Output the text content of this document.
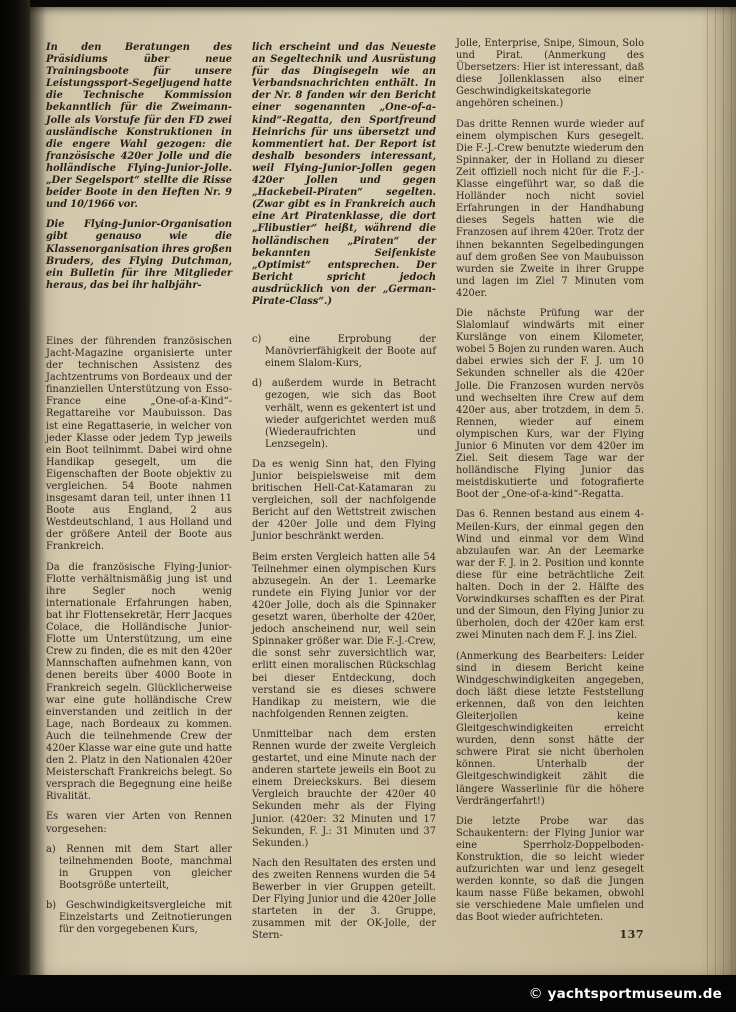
In den Beratungen des Präsidiums über neue Trainingsboote für unsere Leistungssport-Segeljugend hatte die Technische Kommission bekanntlich für die Zweimann-Jolle als Vorstufe für den FD zwei ausländische Konstruktionen in die engere Wahl gezogen: die französische 420er Jolle und die holländische Flying-Junior-Jolle. „Der Segelsport“ stellte die Risse beider Boote in den Heften Nr. 9 und 10/1966 vor.

Die Flying-Junior-Organisation gibt genauso wie die Klassenorganisation ihres großen Bruders, des Flying Dutchman, ein Bulletin für ihre Mitglieder heraus, das bei ihr halbjähr-

Eines der führenden französischen Jacht-Magazine organisierte unter der technischen Assistenz des Jachtzentrums von Bordeaux und der finanziellen Unterstützung von Esso-France eine „One-of-a-Kind“-Regattareihe vor Maubuisson. Das ist eine Regattaserie, in welcher von jeder Klasse oder jedem Typ jeweils ein Boot teilnimmt. Dabei wird ohne Handikap gesegelt, um die Eigenschaften der Boote objektiv zu vergleichen. 54 Boote nahmen insgesamt daran teil, unter ihnen 11 Boote aus England, 2 aus Westdeutschland, 1 aus Holland und der größere Anteil der Boote aus Frankreich.

Da die französische Flying-Junior-Flotte verhältnismäßig jung ist und ihre Segler noch wenig internationale Erfahrungen haben, bat ihr Flottensekretär, Herr Jacques Colace, die Holländische Junior-Flotte um Unterstützung, um eine Crew zu finden, die es mit den 420er Mannschaften aufnehmen kann, von denen bereits über 4000 Boote in Frankreich segeln. Glücklicherweise war eine gute holländische Crew einverstanden und zeitlich in der Lage, nach Bordeaux zu kommen. Auch die teilnehmende Crew der 420er Klasse war eine gute und hatte den 2. Platz in den Nationalen 420er Meisterschaft Frankreichs belegt. So versprach die Begegnung eine heiße Rivalität.

Es waren vier Arten von Rennen vorgesehen:

a) Rennen mit dem Start aller teilnehmenden Boote, manchmal in Gruppen von gleicher Bootsgröße unterteilt,

b) Geschwindigkeitsvergleiche mit Einzelstarts und Zeitnotierungen für den vorgegebenen Kurs,

lich erscheint und das Neueste an Segeltechnik und Ausrüstung für das Dingisegeln wie an Verbandsnachrichten enthält. In der Nr. 8 fanden wir den Bericht einer sogenannten „One-of-a-kind“-Regatta, den Sportfreund Heinrichs für uns übersetzt und kommentiert hat. Der Report ist deshalb besonders interessant, weil Flying-Junior-Jollen gegen 420er Jollen und gegen „Hackebeil-Piraten“ segelten. (Zwar gibt es in Frankreich auch eine Art Piratenklasse, die dort „Flibustier“ heißt, während die holländischen „Piraten“ der bekannten Seifenkiste „Optimist“ entsprechen. Der Bericht spricht jedoch ausdrücklich von der „German-Pirate-Class“.)

c) eine Erprobung der Manövrierfähigkeit der Boote auf einem Slalom-Kurs,

d) außerdem wurde in Betracht gezogen, wie sich das Boot verhält, wenn es gekentert ist und wieder aufgerichtet werden muß (Wiederaufrichten und Lenzsegeln).

Da es wenig Sinn hat, den Flying Junior beispielsweise mit dem britischen Hell-Cat-Katamaran zu vergleichen, soll der nachfolgende Bericht auf den Wettstreit zwischen der 420er Jolle und dem Flying Junior beschränkt werden.

Beim ersten Vergleich hatten alle 54 Teilnehmer einen olympischen Kurs abzusegeln. An der 1. Leemarke rundete ein Flying Junior vor der 420er Jolle, doch als die Spinnaker gesetzt waren, überholte der 420er, jedoch anscheinend nur, weil sein Spinnaker größer war. Die F.-J.-Crew, die sonst sehr zuversichtlich war, erlitt einen moralischen Rückschlag bei dieser Entdeckung, doch verstand sie es dieses schwere Handikap zu meistern, wie die nachfolgenden Rennen zeigten.

Unmittelbar nach dem ersten Rennen wurde der zweite Vergleich gestartet, und eine Minute nach der anderen startete jeweils ein Boot zu einem Dreieckskurs. Bei diesem Vergleich brauchte der 420er 40 Sekunden mehr als der Flying Junior. (420er: 32 Minuten und 17 Sekunden, F. J.: 31 Minuten und 37 Sekunden.)

Nach den Resultaten des ersten und des zweiten Rennens wurden die 54 Bewerber in vier Gruppen geteilt. Der Flying Junior und die 420er Jolle starteten in der 3. Gruppe, zusammen mit der OK-Jolle, der Stern-

Jolle, Enterprise, Snipe, Simoun, Solo und Pirat. (Anmerkung des Übersetzers: Hier ist interessant, daß diese Jollenklassen also einer Geschwindigkeitskategorie angehören scheinen.)

Das dritte Rennen wurde wieder auf einem olympischen Kurs gesegelt. Die F.-J.-Crew benutzte wiederum den Spinnaker, der in Holland zu dieser Zeit offiziell noch nicht für die F.-J.-Klasse eingeführt war, so daß die Holländer noch nicht soviel Erfahrungen in der Handhabung dieses Segels hatten wie die Franzosen auf ihrem 420er. Trotz der ihnen bekannten Segelbedingungen auf dem großen See von Maubuisson wurden sie Zweite in ihrer Gruppe und lagen im Ziel 7 Minuten vom 420er.

Die nächste Prüfung war der Slalomlauf windwärts mit einer Kurslänge von einem Kilometer, wobei 5 Bojen zu runden waren. Auch dabei erwies sich der F. J. um 10 Sekunden schneller als die 420er Jolle. Die Franzosen wurden nervös und wechselten ihre Crew auf dem 420er aus, aber trotzdem, in dem 5. Rennen, wieder auf einem olympischen Kurs, war der Flying Junior 6 Minuten vor dem 420er im Ziel. Seit diesem Tage war der holländische Flying Junior das meistdiskutierte und fotografierte Boot der „One-of-a-kind“-Regatta.

Das 6. Rennen bestand aus einem 4-Meilen-Kurs, der einmal gegen den Wind und einmal vor dem Wind abzulaufen war. An der Leemarke war der F. J. in 2. Position und konnte diese für eine beträchtliche Zeit halten. Doch in der 2. Hälfte des Vorwindkurses schafften es der Pirat und der Simoun, den Flying Junior zu überholen, doch der 420er kam erst zwei Minuten nach dem F. J. ins Ziel.

(Anmerkung des Bearbeiters: Leider sind in diesem Bericht keine Windgeschwindigkeiten angegeben, doch läßt diese letzte Feststellung erkennen, daß von den leichten Gleiterjollen keine Gleitgeschwindigkeiten erreicht wurden, denn sonst hätte der schwere Pirat sie nicht überholen können. Unterhalb der Gleitgeschwindigkeit zählt die längere Wasserlinie für die höhere Verdrängerfahrt!)

Die letzte Probe war das Schaukentern: der Flying Junior war eine Sperrholz-Doppelboden-Konstruktion, die so leicht wieder aufzurichten war und lenz gesegelt werden konnte, so daß die Jungen kaum nasse Füße bekamen, obwohl sie verschiedene Male umfielen und das Boot wieder aufrichteten.

137
© yachtsportmuseum.de
